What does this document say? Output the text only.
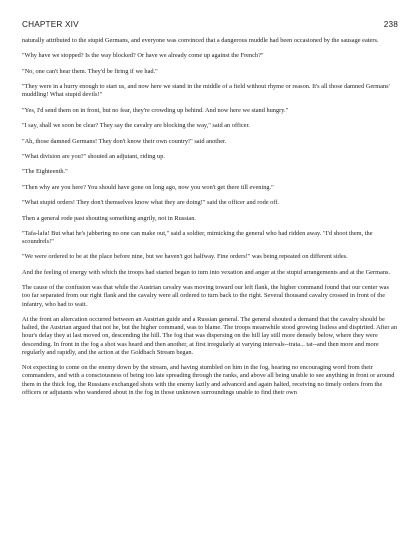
CHAPTER XIV	238

naturally attributed to the stupid Germans, and everyone was convinced that a dangerous muddle had been occasioned by the sausage eaters.

"Why have we stopped? Is the way blocked? Or have we already come up against the French?"

"No, one can't hear them. They'd be firing if we had."

"They were in a hurry enough to start us, and now here we stand in the middle of a field without rhyme or reason. It's all those damned Germans' muddling! What stupid devils!"

"Yes, I'd send them on in front, but no fear, they're crowding up behind. And now here we stand hungry."

"I say, shall we soon be clear? They say the cavalry are blocking the way," said an officer.

"Ah, those damned Germans! They don't know their own country!" said another.

"What division are you?" shouted an adjutant, riding up.

"The Eighteenth."

"Then why are you here? You should have gone on long ago, now you won't get there till evening."

"What stupid orders! They don't themselves know what they are doing!" said the officer and rode off.

Then a general rode past shouting something angrily, not in Russian.

"Tafa-lafa! But what he's jabbering no one can make out," said a soldier, mimicking the general who had ridden away. "I'd shoot them, the scoundrels!"

"We were ordered to be at the place before nine, but we haven't got halfway. Fine orders!" was being repeated on different sides.

And the feeling of energy with which the troops had started began to turn into vexation and anger at the stupid arrangements and at the Germans.

The cause of the confusion was that while the Austrian cavalry was moving toward our left flank, the higher command found that our center was too far separated from our right flank and the cavalry were all ordered to turn back to the right. Several thousand cavalry crossed in front of the infantry, who had to wait.

At the front an altercation occurred between an Austrian guide and a Russian general. The general shouted a demand that the cavalry should be halted, the Austrian argued that not he, but the higher command, was to blame. The troops meanwhile stood growing listless and dispirited. After an hour's delay they at last moved on, descending the hill. The fog that was dispersing on the hill lay still more densely below, where they were descending. In front in the fog a shot was heard and then another, at first irregularly at varying intervals--trata... tat--and then more and more regularly and rapidly, and the action at the Goldbach Stream began.

Not expecting to come on the enemy down by the stream, and having stumbled on him in the fog, hearing no encouraging word from their commanders, and with a consciousness of being too late spreading through the ranks, and above all being unable to see anything in front or around them in the thick fog, the Russians exchanged shots with the enemy lazily and advanced and again halted, receiving no timely orders from the officers or adjutants who wandered about in the fog in those unknown surroundings unable to find their own
